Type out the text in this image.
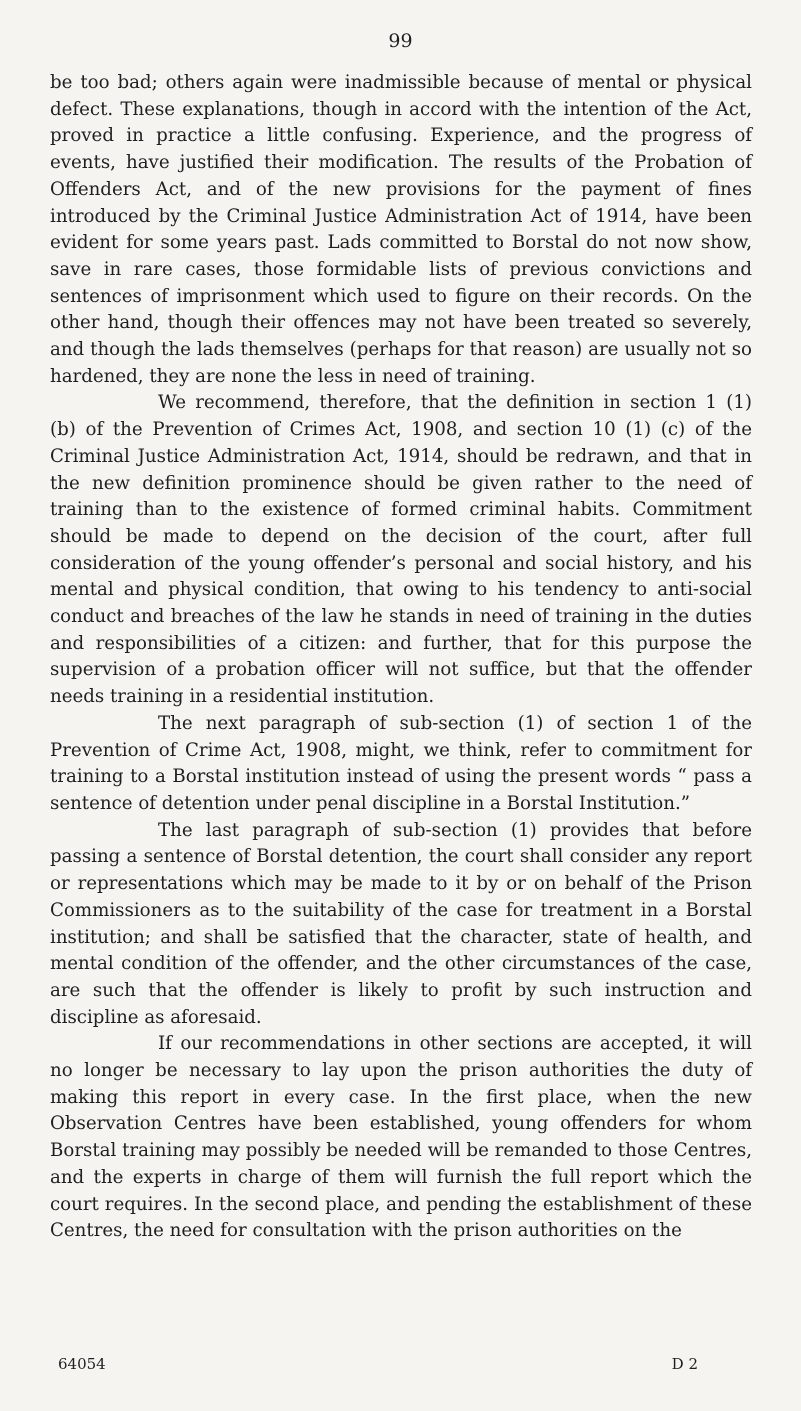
99

be too bad; others again were inadmissible because of mental or physical defect. These explanations, though in accord with the intention of the Act, proved in practice a little confusing. Experience, and the progress of events, have justified their modification. The results of the Probation of Offenders Act, and of the new provisions for the payment of fines introduced by the Criminal Justice Administration Act of 1914, have been evident for some years past. Lads committed to Borstal do not now show, save in rare cases, those formidable lists of previous convictions and sentences of imprisonment which used to figure on their records. On the other hand, though their offences may not have been treated so severely, and though the lads themselves (perhaps for that reason) are usually not so hardened, they are none the less in need of training.

We recommend, therefore, that the definition in section 1 (1) (b) of the Prevention of Crimes Act, 1908, and section 10 (1) (c) of the Criminal Justice Administration Act, 1914, should be redrawn, and that in the new definition prominence should be given rather to the need of training than to the existence of formed criminal habits. Commitment should be made to depend on the decision of the court, after full consideration of the young offender’s personal and social history, and his mental and physical condition, that owing to his tendency to anti-social conduct and breaches of the law he stands in need of training in the duties and responsibilities of a citizen: and further, that for this purpose the supervision of a probation officer will not suffice, but that the offender needs training in a residential institution.

The next paragraph of sub-section (1) of section 1 of the Prevention of Crime Act, 1908, might, we think, refer to commitment for training to a Borstal institution instead of using the present words “ pass a sentence of detention under penal discipline in a Borstal Institution.”

The last paragraph of sub-section (1) provides that before passing a sentence of Borstal detention, the court shall consider any report or representations which may be made to it by or on behalf of the Prison Commissioners as to the suitability of the case for treatment in a Borstal institution; and shall be satisfied that the character, state of health, and mental condition of the offender, and the other circumstances of the case, are such that the offender is likely to profit by such instruction and discipline as aforesaid.

If our recommendations in other sections are accepted, it will no longer be necessary to lay upon the prison authorities the duty of making this report in every case. In the first place, when the new Observation Centres have been established, young offenders for whom Borstal training may possibly be needed will be remanded to those Centres, and the experts in charge of them will furnish the full report which the court requires. In the second place, and pending the establishment of these Centres, the need for consultation with the prison authorities on the

64054	D 2
